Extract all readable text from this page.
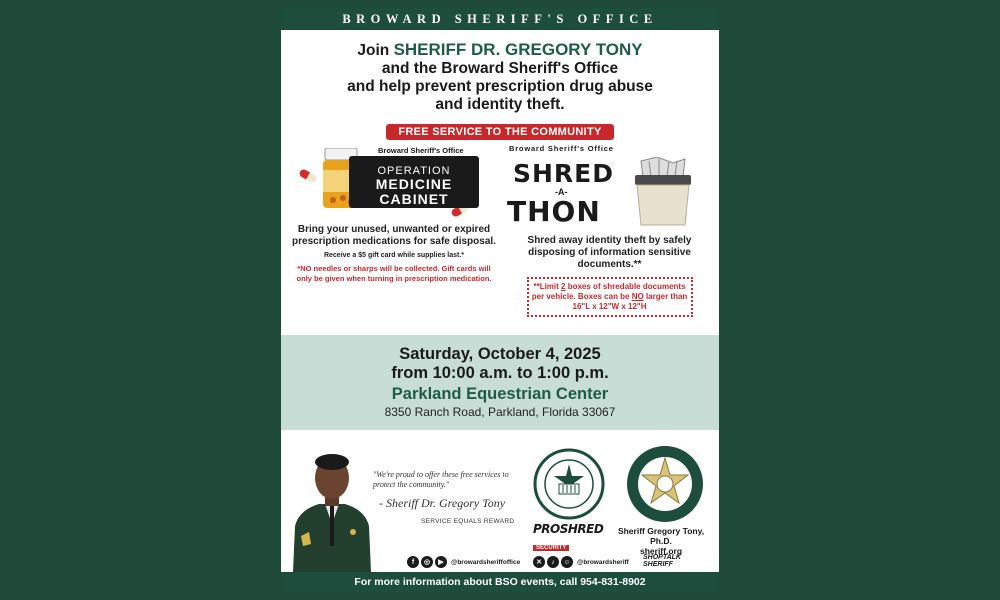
BROWARD SHERIFF'S OFFICE
Join SHERIFF DR. GREGORY TONY
and the Broward Sheriff's Office
and help prevent prescription drug abuse
and identity theft.
FREE SERVICE TO THE COMMUNITY
OPERATION
MEDICINE
CABINET
Broward Sheriff's Office
Bring your unused, unwanted or expired prescription medications for safe disposal.
Receive a $5 gift card while supplies last.*
*NO needles or sharps will be collected. Gift cards will only be given when turning in prescription medication.
Broward Sheriff's Office
SHRED
-A-
THON
Shred away identity theft by safely disposing of information sensitive documents.**
**Limit 2 boxes of shredable documents per vehicle. Boxes can be NO larger than 16"L x 12"W x 12"H
Saturday, October 4, 2025
from 10:00 a.m. to 1:00 p.m.
Parkland Equestrian Center
8350 Ranch Road, Parkland, Florida 33067
"We're proud to offer these free services to protect the community."
- Sheriff Dr. Gregory Tony
SERVICE EQUALS REWARD
PROSHRED
SECURITY
Sheriff Gregory Tony, Ph.D.
sheriff.org
f	◎	▶	@browardsheriffoffice	✕	♪	☺ @browardsheriff
SHOPTALK
SHERIFF
For more information about BSO events, call 954-831-8902
